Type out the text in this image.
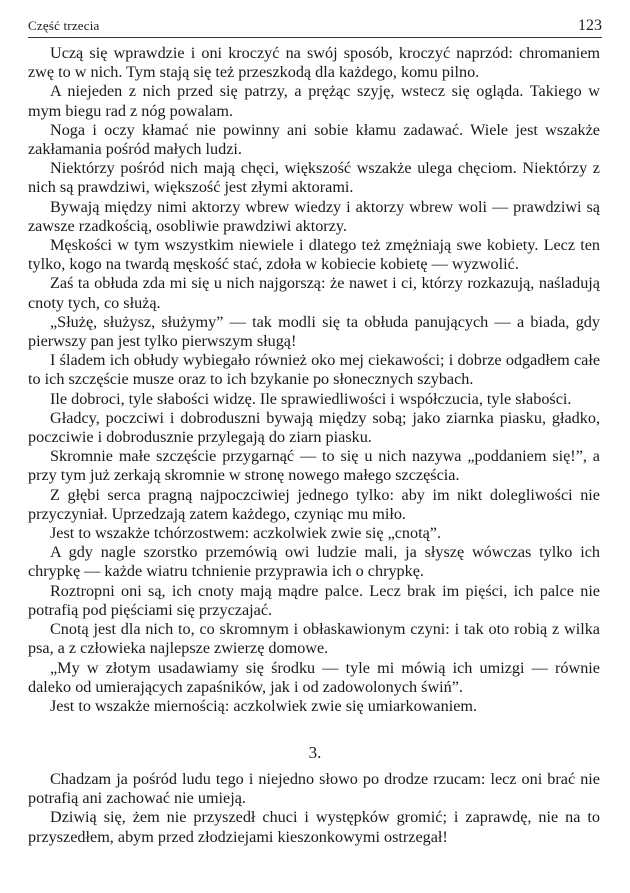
Część trzecia	123

Uczą się wprawdzie i oni kroczyć na swój sposób, kroczyć naprzód: chromaniem zwę to w nich. Tym stają się też przeszkodą dla każdego, komu pilno.

A niejeden z nich przed się patrzy, a prężąc szyję, wstecz się ogląda. Takiego w mym biegu rad z nóg powalam.

Noga i oczy kłamać nie powinny ani sobie kłamu zadawać. Wiele jest wszakże zakłamania pośród małych ludzi.

Niektórzy pośród nich mają chęci, większość wszakże ulega chęciom. Niektórzy z nich są prawdziwi, większość jest złymi aktorami.

Bywają między nimi aktorzy wbrew wiedzy i aktorzy wbrew woli — prawdziwi są zawsze rzadkością, osobliwie prawdziwi aktorzy.

Męskości w tym wszystkim niewiele i dlatego też zmężniają swe kobiety. Lecz ten tylko, kogo na twardą męskość stać, zdoła w kobiecie kobietę — wyzwolić.

Zaś ta obłuda zda mi się u nich najgorszą: że nawet i ci, którzy rozkazują, naśladują cnoty tych, co służą.

„Służę, służysz, służymy” — tak modli się ta obłuda panujących — a biada, gdy pierwszy pan jest tylko pierwszym sługą!

I śladem ich obłudy wybiegało również oko mej ciekawości; i dobrze odgadłem całe to ich szczęście musze oraz to ich bzykanie po słonecznych szybach.

Ile dobroci, tyle słabości widzę. Ile sprawiedliwości i współczucia, tyle słabości.

Gładcy, poczciwi i dobroduszni bywają między sobą; jako ziarnka piasku, gładko, poczciwie i dobrodusznie przylegają do ziarn piasku.

Skromnie małe szczęście przygarnąć — to się u nich nazywa „poddaniem się!”, a przy tym już zerkają skromnie w stronę nowego małego szczęścia.

Z głębi serca pragną najpoczciwiej jednego tylko: aby im nikt dolegliwości nie przyczyniał. Uprzedzają zatem każdego, czyniąc mu miło.

Jest to wszakże tchórzostwem: aczkolwiek zwie się „cnotą”.

A gdy nagle szorstko przemówią owi ludzie mali, ja słyszę wówczas tylko ich chrypkę — każde wiatru tchnienie przyprawia ich o chrypkę.

Roztropni oni są, ich cnoty mają mądre palce. Lecz brak im pięści, ich palce nie potrafią pod pięściami się przyczajać.

Cnotą jest dla nich to, co skromnym i obłaskawionym czyni: i tak oto robią z wilka psa, a z człowieka najlepsze zwierzę domowe.

„My w złotym usadawiamy się środku — tyle mi mówią ich umizgi — równie daleko od umierających zapaśników, jak i od zadowolonych świń”.

Jest to wszakże miernością: aczkolwiek zwie się umiarkowaniem.

Chadzam ja pośród ludu tego i niejedno słowo po drodze rzucam: lecz oni brać nie potrafią ani zachować nie umieją.

Dziwią się, żem nie przyszedł chuci i występków gromić; i zaprawdę, nie na to przyszedłem, abym przed złodziejami kieszonkowymi ostrzegał!

3.
